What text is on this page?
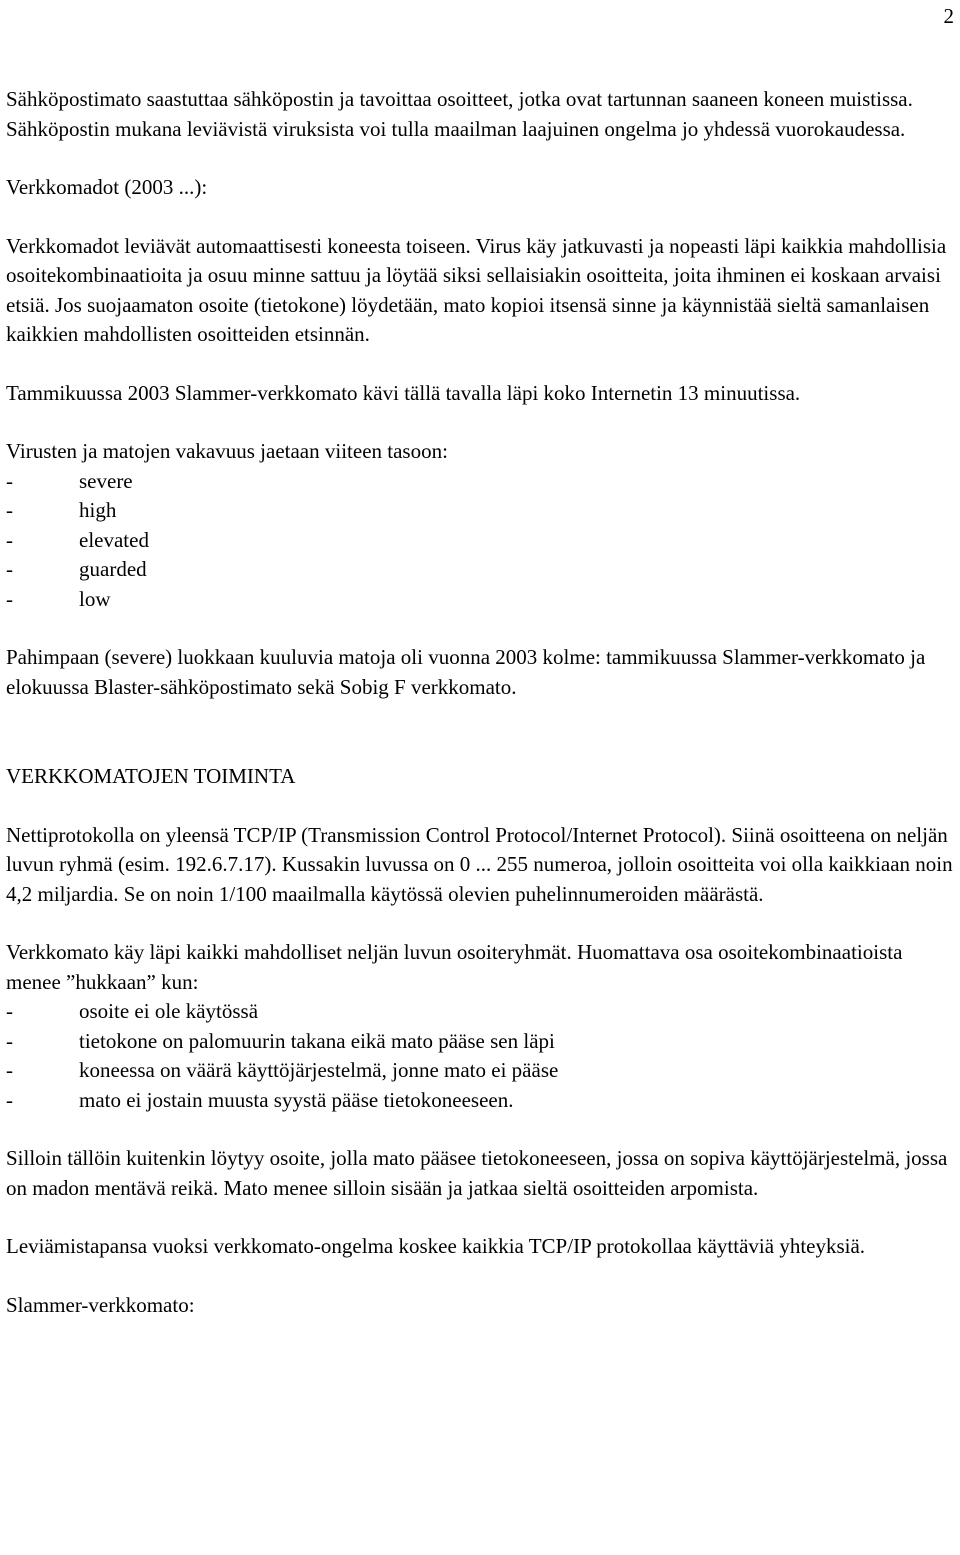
2

Sähköpostimato saastuttaa sähköpostin ja tavoittaa osoitteet, jotka ovat tartunnan saaneen koneen muistissa. Sähköpostin mukana leviävistä viruksista voi tulla maailman laajuinen ongelma jo yhdessä vuorokaudessa.

Verkkomadot (2003 ...):

Verkkomadot leviävät automaattisesti koneesta toiseen. Virus käy jatkuvasti ja nopeasti läpi kaikkia mahdollisia osoitekombinaatioita ja osuu minne sattuu ja löytää siksi sellaisiakin osoitteita, joita ihminen ei koskaan arvaisi etsiä. Jos suojaamaton osoite (tietokone) löydetään, mato kopioi itsensä sinne ja käynnistää sieltä samanlaisen kaikkien mahdollisten osoitteiden etsinnän.

Tammikuussa 2003 Slammer-verkkomato kävi tällä tavalla läpi koko Internetin 13 minuutissa.

Virusten ja matojen vakavuus jaetaan viiteen tasoon:

-	severe
-	high
-	elevated
-	guarded
-	low

Pahimpaan (severe) luokkaan kuuluvia matoja oli vuonna 2003 kolme: tammikuussa Slammer-verkkomato ja elokuussa Blaster-sähköpostimato sekä Sobig F verkkomato.

VERKKOMATOJEN TOIMINTA

Nettiprotokolla on yleensä TCP/IP (Transmission Control Protocol/Internet Protocol). Siinä osoitteena on neljän luvun ryhmä (esim. 192.6.7.17). Kussakin luvussa on 0 ... 255 numeroa, jolloin osoitteita voi olla kaikkiaan noin 4,2 miljardia. Se on noin 1/100 maailmalla käytössä olevien puhelinnumeroiden määrästä.

Verkkomato käy läpi kaikki mahdolliset neljän luvun osoiteryhmät. Huomattava osa osoitekombinaatioista menee ”hukkaan” kun:

-	osoite ei ole käytössä
-	tietokone on palomuurin takana eikä mato pääse sen läpi
-	koneessa on väärä käyttöjärjestelmä, jonne mato ei pääse
-	mato ei jostain muusta syystä pääse tietokoneeseen.

Silloin tällöin kuitenkin löytyy osoite, jolla mato pääsee tietokoneeseen, jossa on sopiva käyttöjärjestelmä, jossa on madon mentävä reikä. Mato menee silloin sisään ja jatkaa sieltä osoitteiden arpomista.

Leviämistapansa vuoksi verkkomato-ongelma koskee kaikkia TCP/IP protokollaa käyttäviä yhteyksiä.

Slammer-verkkomato:
